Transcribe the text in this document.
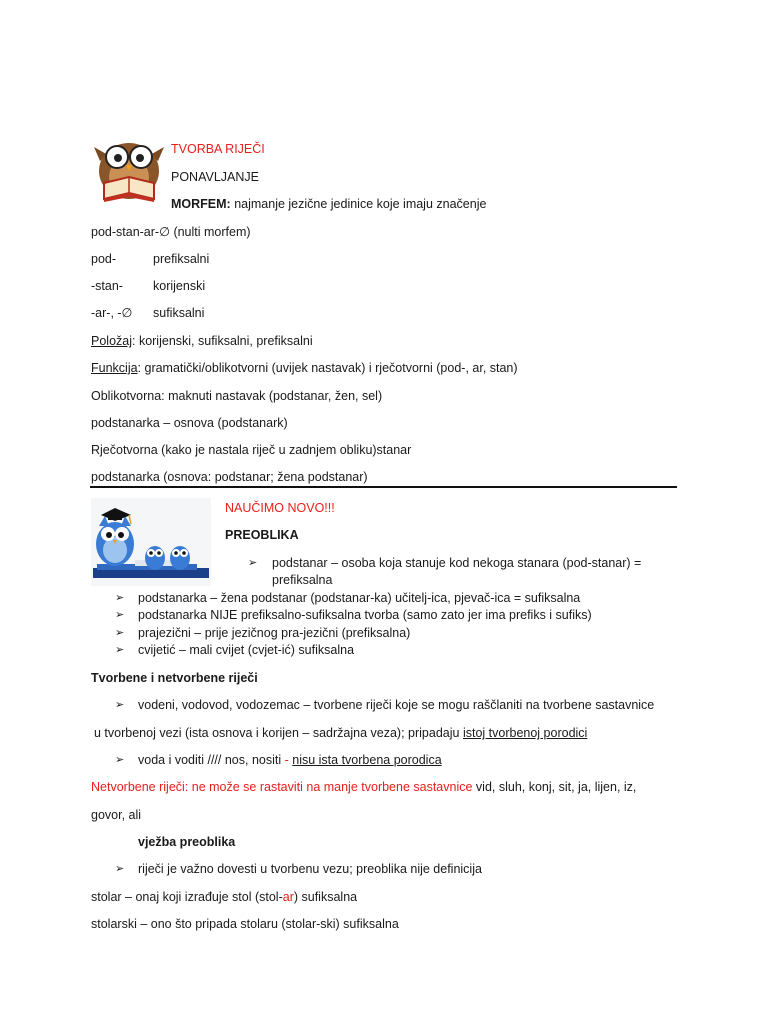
TVORBA RIJEČI
PONAVLJANJE
MORFEM: najmanje jezične jedinice koje imaju značenje
pod-stan-ar-∅ (nulti morfem)
pod-	prefiksalni
-stan- korijenski
-ar-, -∅ sufiksalni
Položaj: korijenski, sufiksalni, prefiksalni
Funkcija: gramatički/oblikotvorni (uvijek nastavak) i rječotvorni (pod-, ar, stan)
Oblikotvorna: maknuti nastavak (podstanar, žen, sel)
podstanarka – osnova (podstanark)
Rječotvorna (kako je nastala riječ u zadnjem obliku)stanar
podstanarka (osnova: podstanar; žena podstanar)
NAUČIMO NOVO!!!
PREOBLIKA
➢ podstanar – osoba koja stanuje kod nekoga stanara (pod-stanar) =
prefiksalna
➢ podstanarka – žena podstanar (podstanar-ka) učitelj-ica, pjevač-ica = sufiksalna
➢ podstanarka NIJE prefiksalno-sufiksalna tvorba (samo zato jer ima prefiks i sufiks)
➢ prajezični – prije jezičnog pra-jezični (prefiksalna)
➢ cvijetić – mali cvijet (cvjet-ić) sufiksalna
Tvorbene i netvorbene riječi
➢ vodeni, vodovod, vodozemac – tvorbene riječi koje se mogu raščlaniti na tvorbene sastavnice
u tvorbenoj vezi (ista osnova i korijen – sadržajna veza); pripadaju istoj tvorbenoj porodici
➢ voda i voditi //// nos, nositi - nisu ista tvorbena porodica
Netvorbene riječi: ne može se rastaviti na manje tvorbene sastavnice vid, sluh, konj, sit, ja, lijen, iz,
govor, ali
vježba preoblika
➢ riječi je važno dovesti u tvorbenu vezu; preoblika nije definicija
stolar – onaj koji izrađuje stol (stol-ar) sufiksalna
stolarski – ono što pripada stolaru (stolar-ski) sufiksalna
